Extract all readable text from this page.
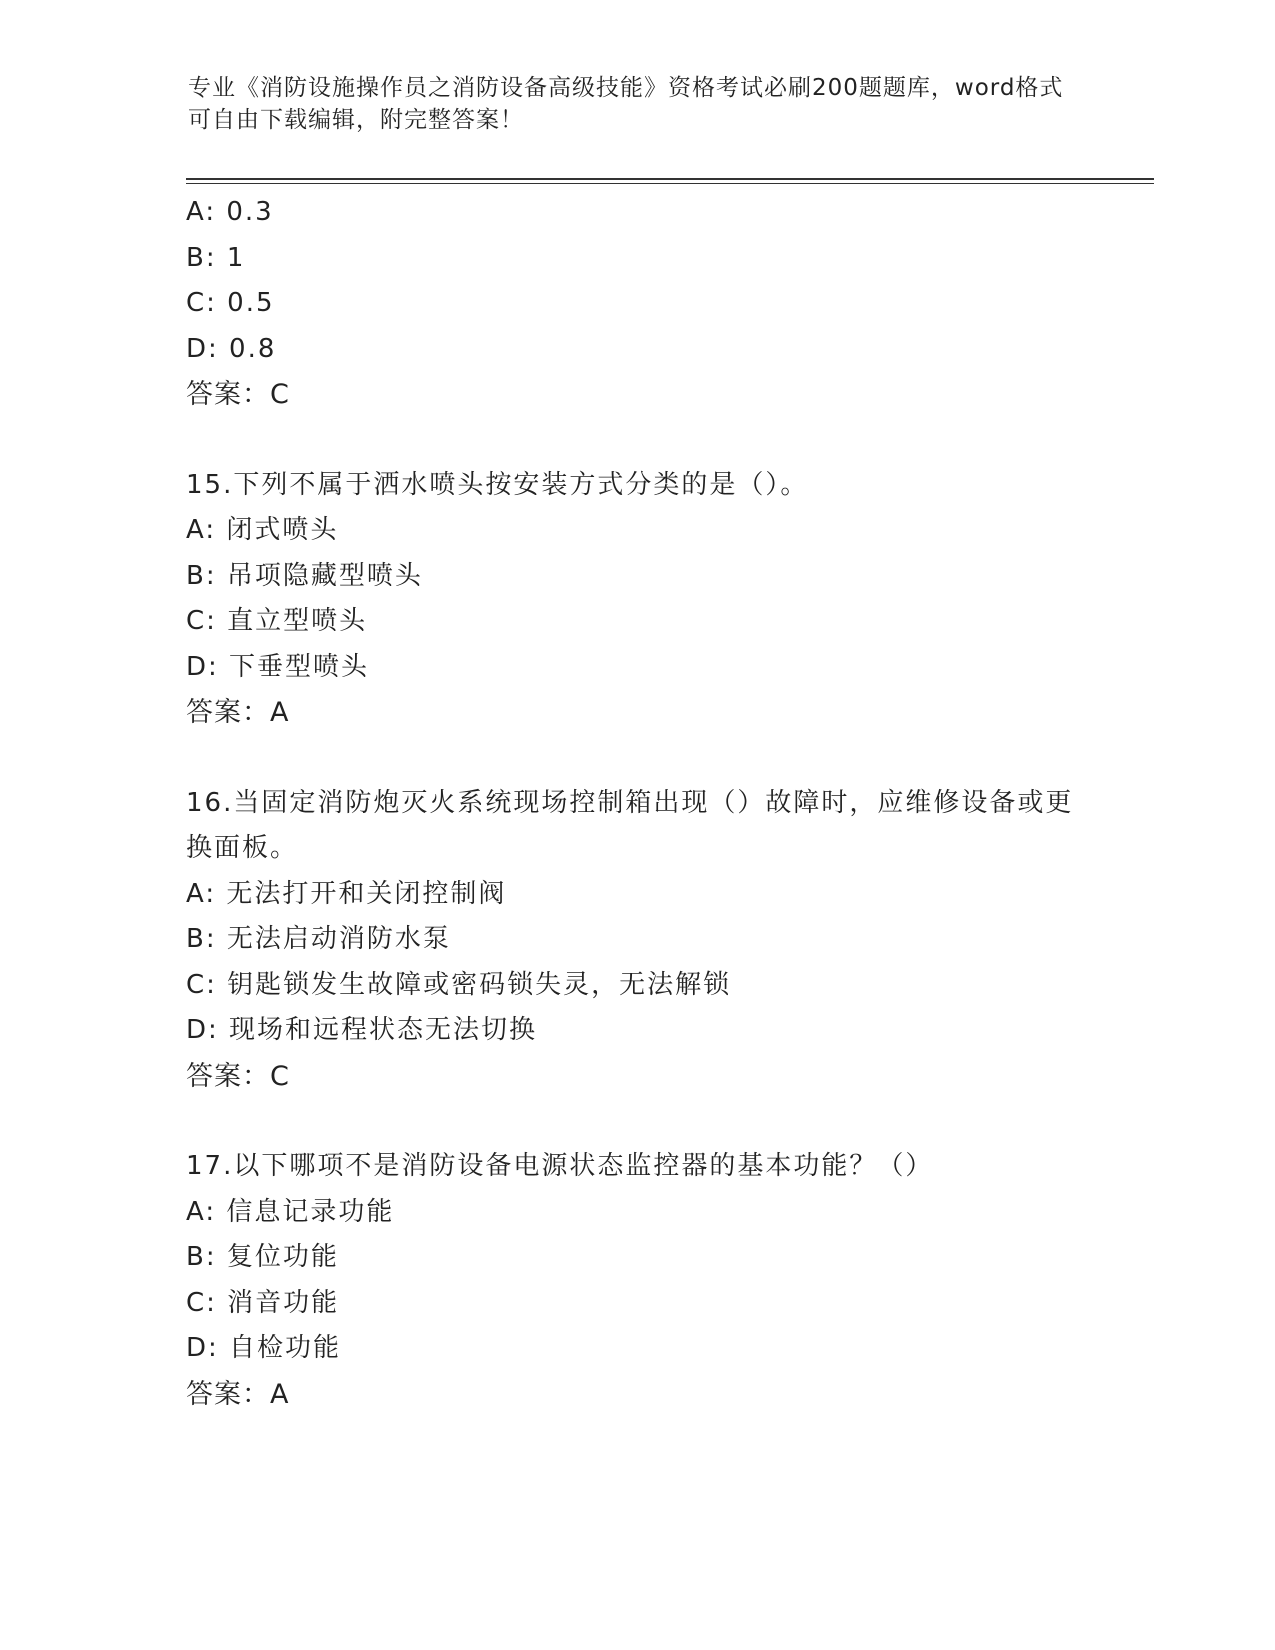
专业《消防设施操作员之消防设备高级技能》资格考试必刷200题题库，word格式可自由下载编辑，附完整答案！
A: 0.3
B: 1
C: 0.5
D: 0.8
答案：C
15.下列不属于洒水喷头按安装方式分类的是（）。
A: 闭式喷头
B: 吊项隐藏型喷头
C: 直立型喷头
D: 下垂型喷头
答案：A
16.当固定消防炮灭火系统现场控制箱出现（）故障时，应维修设备或更换面板。
A: 无法打开和关闭控制阀
B: 无法启动消防水泵
C: 钥匙锁发生故障或密码锁失灵，无法解锁
D: 现场和远程状态无法切换
答案：C
17.以下哪项不是消防设备电源状态监控器的基本功能？（）
A: 信息记录功能
B: 复位功能
C: 消音功能
D: 自检功能
答案：A
